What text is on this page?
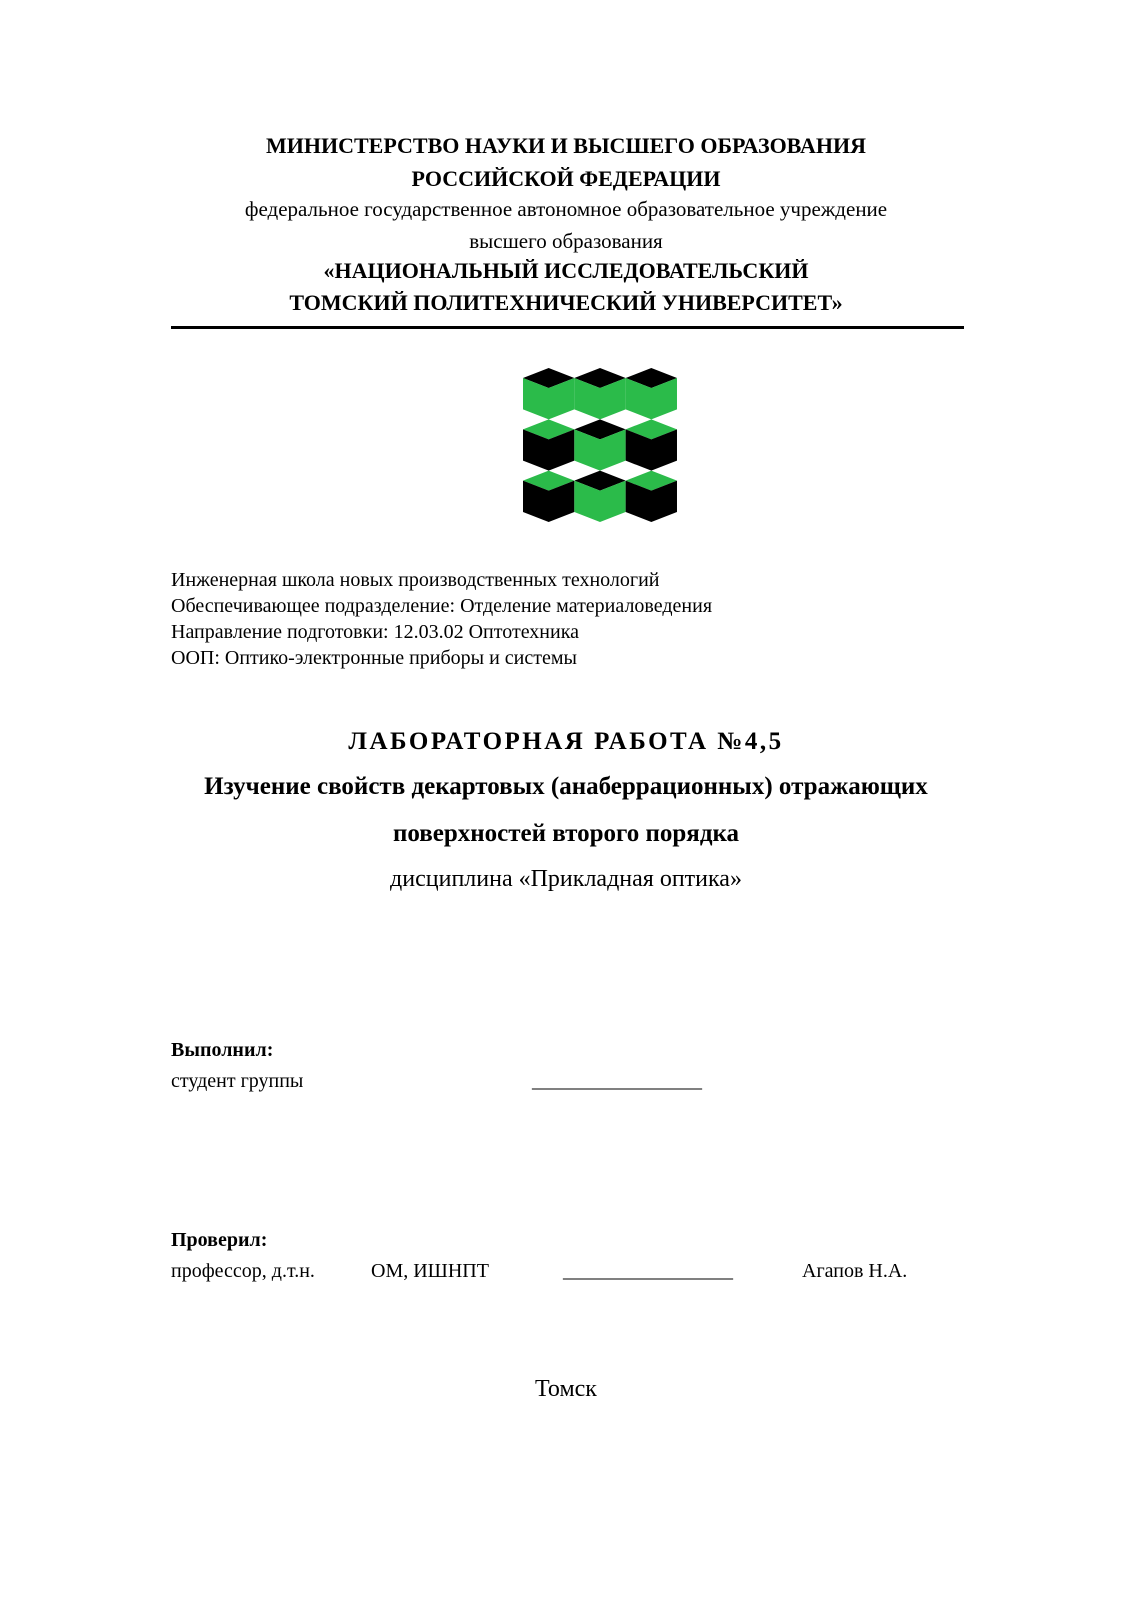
МИНИСТЕРСТВО НАУКИ И ВЫСШЕГО ОБРАЗОВАНИЯ
РОССИЙСКОЙ ФЕДЕРАЦИИ
федеральное государственное автономное образовательное учреждение
высшего образования
«НАЦИОНАЛЬНЫЙ ИССЛЕДОВАТЕЛЬСКИЙ
ТОМСКИЙ ПОЛИТЕХНИЧЕСКИЙ УНИВЕРСИТЕТ»
Инженерная школа новых производственных технологий
Обеспечивающее подразделение: Отделение материаловедения
Направление подготовки: 12.03.02 Оптотехника
ООП: Оптико-электронные приборы и системы
ЛАБОРАТОРНАЯ РАБОТА №4,5
Изучение свойств декартовых (анаберрационных) отражающих
поверхностей второго порядка
дисциплина «Прикладная оптика»
Выполнил:
студент группы	_________________
Проверил:
профессор, д.т.н.	ОМ, ИШНПТ	_________________	Агапов Н.А.
Томск
